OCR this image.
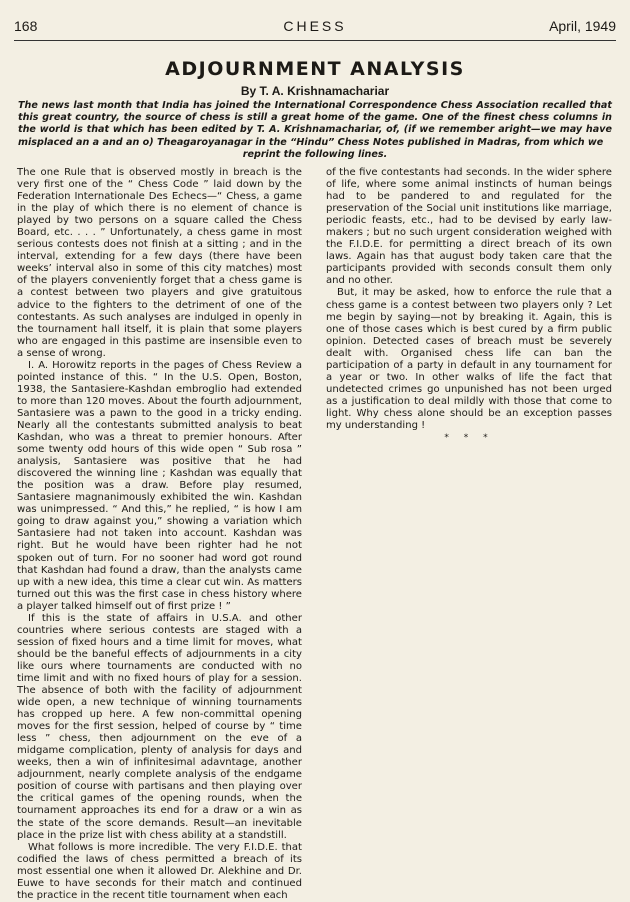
168	CHESS	April, 1949
ADJOURNMENT ANALYSIS
By T. A. Krishnamachariar
The news last month that India has joined the International Correspondence Chess Association recalled that this great country, the source of chess is still a great home of the game. One of the finest chess columns in the world is that which has been edited by T. A. Krishnamachariar, of, (if we remember aright—we may have misplaced an a and an o) Theagaroyanagar in the “Hindu” Chess Notes published in Madras, from which we
reprint the following lines.

The one Rule that is observed mostly in breach is the very first one of the “ Chess Code ” laid down by the Federation Internationale Des Echecs—“ Chess, a game in the play of which there is no element of chance is played by two persons on a square called the Chess Board, etc. . . . ” Unfortunately, a chess game in most serious contests does not finish at a sitting ; and in the interval, extending for a few days (there have been weeks’ interval also in some of this city matches) most of the players conveniently forget that a chess game is a contest between two players and give gratuitous advice to the fighters to the detriment of one of the contestants. As such analyses are indulged in openly in the tournament hall itself, it is plain that some players who are engaged in this pastime are insensible even to a sense of wrong.

I. A. Horowitz reports in the pages of Chess Review a pointed instance of this. “ In the U.S. Open, Boston, 1938, the Santasiere-Kashdan embroglio had extended to more than 120 moves. About the fourth adjournment, Santasiere was a pawn to the good in a tricky ending. Nearly all the contestants submitted analysis to beat Kashdan, who was a threat to premier honours. After some twenty odd hours of this wide open “ Sub rosa ” analysis, Santasiere was positive that he had discovered the winning line ; Kashdan was equally that the position was a draw. Before play resumed, Santasiere magnanimously exhibited the win. Kashdan was unimpressed. “ And this,” he replied, “ is how I am going to draw against you,” showing a variation which Santasiere had not taken into account. Kashdan was right. But he would have been righter had he not spoken out of turn. For no sooner had word got round that Kashdan had found a draw, than the analysts came up with a new idea, this time a clear cut win. As matters turned out this was the first case in chess history where a player talked himself out of first prize ! ”

If this is the state of affairs in U.S.A. and other countries where serious contests are staged with a session of fixed hours and a time limit for moves, what should be the baneful effects of adjournments in a city like ours where tournaments are conducted with no time limit and with no fixed hours of play for a session. The absence of both with the facility of adjournment wide open, a new technique of winning tournaments has cropped up here. A few non-committal opening moves for the first session, helped of course by “ time less ” chess, then adjournment on the eve of a midgame complication, plenty of analysis for days and weeks, then a win of infinitesimal adavntage, another adjournment, nearly complete analysis of the endgame position of course with partisans and then playing over the critical games of the opening rounds, when the tournament approaches its end for a draw or a win as the state of the score demands. Result—an inevitable place in the prize list with chess ability at a standstill.

What follows is more incredible. The very F.I.D.E. that codified the laws of chess permitted a breach of its most essential one when it allowed Dr. Alekhine and Dr. Euwe to have seconds for their match and continued the practice in the recent title tournament when each

of the five contestants had seconds. In the wider sphere of life, where some animal instincts of human beings had to be pandered to and regulated for the preservation of the Social unit institutions like marriage, periodic feasts, etc., had to be devised by early law-makers ; but no such urgent consideration weighed with the F.I.D.E. for permitting a direct breach of its own laws. Again has that august body taken care that the participants provided with seconds consult them only and no other.

But, it may be asked, how to enforce the rule that a chess game is a contest between two players only ? Let me begin by saying—not by breaking it. Again, this is one of those cases which is best cured by a firm public opinion. Detected cases of breach must be severely dealt with. Organised chess life can ban the participation of a party in default in any tournament for a year or two. In other walks of life the fact that undetected crimes go unpunished has not been urged as a justification to deal mildly with those that come to light. Why chess alone should be an exception passes my understanding !

* * *
